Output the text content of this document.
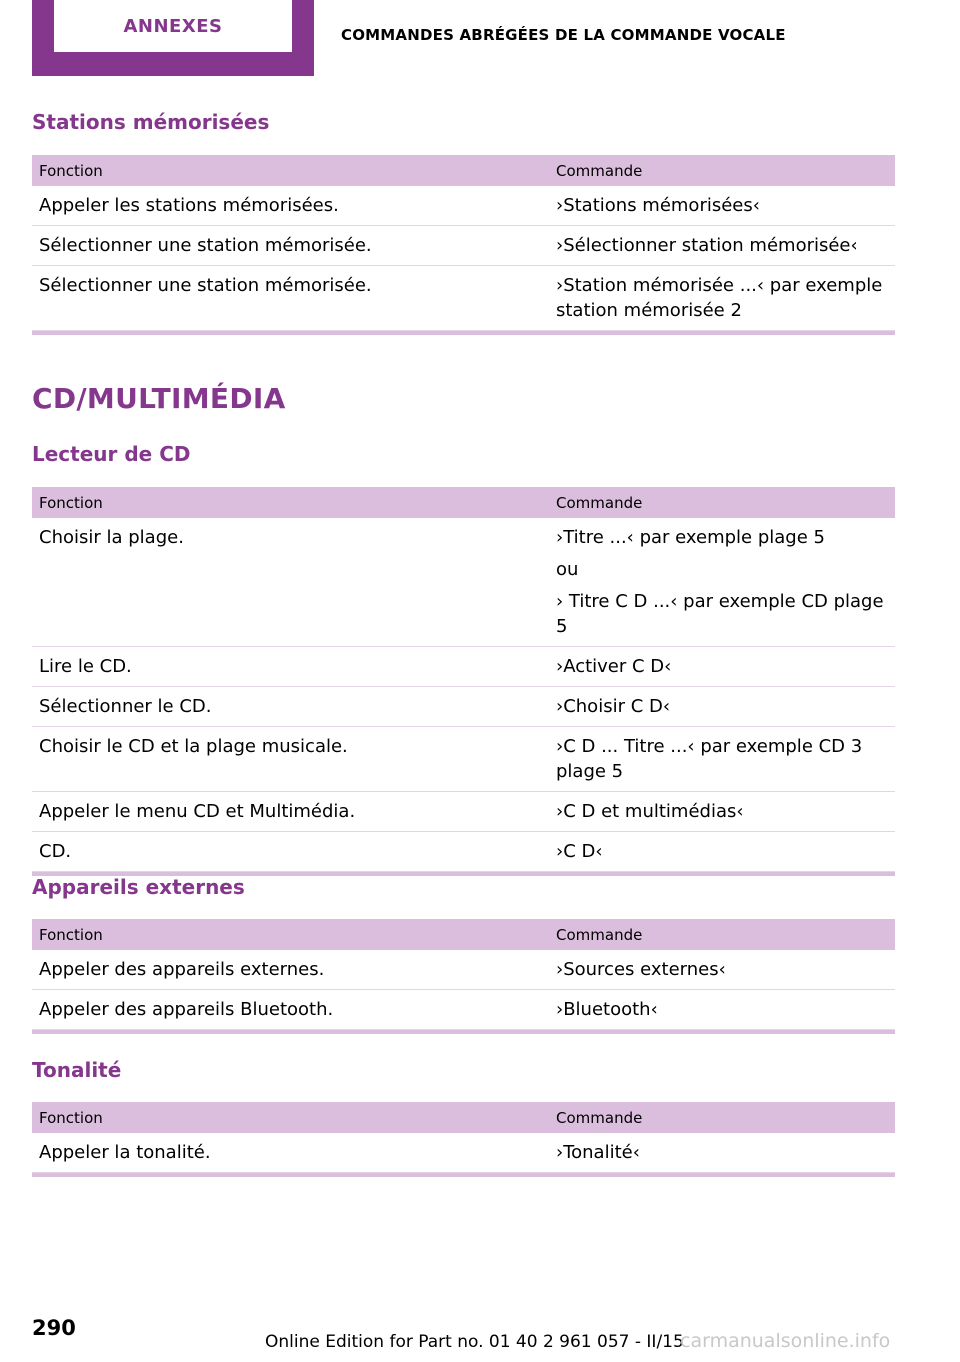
ANNEXES	COMMANDES ABRÉGÉES DE LA COMMANDE VOCALE
Stations mémorisées
Fonction	Commande
Appeler les stations mémorisées.	›Stations mémorisées‹
Sélectionner une station mémorisée.	›Sélectionner station mémorisée‹
Sélectionner une station mémorisée.	›Station mémorisée ...‹ par exemple station mémorisée 2

CD/MULTIMÉDIA
Lecteur de CD
Fonction	Commande
Choisir la plage.	›Titre ...‹ par exemple plage 5
ou
› Titre C D ...‹ par exemple CD plage 5

Lire le CD.	›Activer C D‹
Sélectionner le CD.	›Choisir C D‹
Choisir le CD et la plage musicale.	›C D ... Titre ...‹ par exemple CD 3 plage 5
Appeler le menu CD et Multimédia.	›C D et multimédias‹
CD.	›C D‹

Appareils externes
Fonction	Commande
Appeler des appareils externes.	›Sources externes‹
Appeler des appareils Bluetooth.	›Bluetooth‹

Tonalité
Fonction	Commande
Appeler la tonalité.	›Tonalité‹

290
Online Edition for Part no. 01 40 2 961 057 - II/15
carmanualsonline.info
